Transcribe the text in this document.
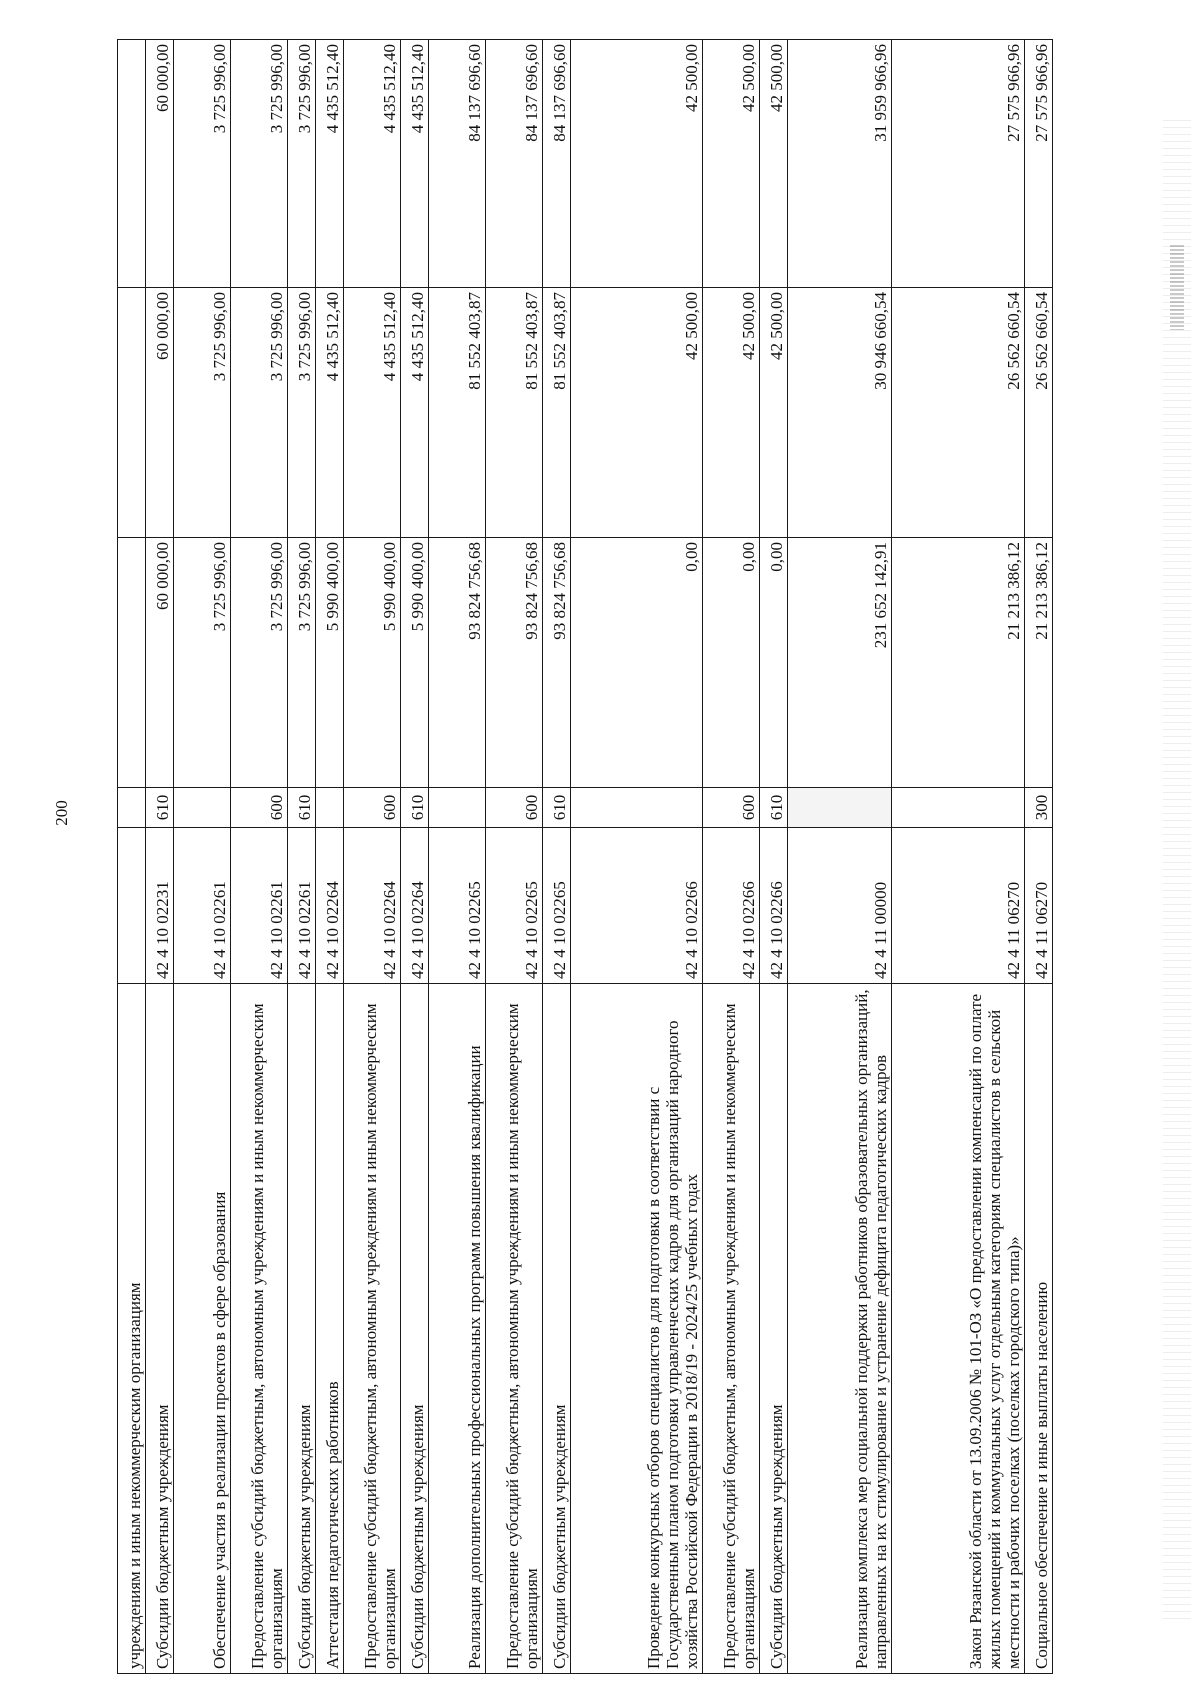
200
учреждениям и иным некоммерческим организациям					
Субсидии бюджетным учреждениям	42 4 10 02231	610	60 000,00	60 000,00	60 000,00
Обеспечение участия в реализации проектов в сфере образования	42 4 10 02261		3 725 996,00	3 725 996,00	3 725 996,00
Предоставление субсидий бюджетным, автономным учреждениям и иным некоммерческим организациям	42 4 10 02261	600	3 725 996,00	3 725 996,00	3 725 996,00
Субсидии бюджетным учреждениям	42 4 10 02261	610	3 725 996,00	3 725 996,00	3 725 996,00
Аттестация педагогических работников	42 4 10 02264		5 990 400,00	4 435 512,40	4 435 512,40
Предоставление субсидий бюджетным, автономным учреждениям и иным некоммерческим организациям	42 4 10 02264	600	5 990 400,00	4 435 512,40	4 435 512,40
Субсидии бюджетным учреждениям	42 4 10 02264	610	5 990 400,00	4 435 512,40	4 435 512,40
Реализация дополнительных профессиональных программ повышения квалификации	42 4 10 02265		93 824 756,68	81 552 403,87	84 137 696,60
Предоставление субсидий бюджетным, автономным учреждениям и иным некоммерческим организациям	42 4 10 02265	600	93 824 756,68	81 552 403,87	84 137 696,60
Субсидии бюджетным учреждениям	42 4 10 02265	610	93 824 756,68	81 552 403,87	84 137 696,60
Проведение конкурсных отборов специалистов для подготовки в соответствии с Государственным планом подготовки управленческих кадров для организаций народного хозяйства Российской Федерации в 2018/19 - 2024/25 учебных годах	42 4 10 02266		0,00	42 500,00	42 500,00
Предоставление субсидий бюджетным, автономным учреждениям и иным некоммерческим организациям	42 4 10 02266	600	0,00	42 500,00	42 500,00
Субсидии бюджетным учреждениям	42 4 10 02266	610	0,00	42 500,00	42 500,00
Реализация комплекса мер социальной поддержки работников образовательных организаций, направленных на их стимулирование и устранение дефицита педагогических кадров	42 4 11 00000		231 652 142,91	30 946 660,54	31 959 966,96
Закон Рязанской области от 13.09.2006 № 101-ОЗ «О предоставлении компенсаций по оплате жилых помещений и коммунальных услуг отдельным категориям специалистов в сельской местности и рабочих поселках (поселках городского типа)»	42 4 11 06270		21 213 386,12	26 562 660,54	27 575 966,96
Социальное обеспечение и иные выплаты населению	42 4 11 06270	300	21 213 386,12	26 562 660,54	27 575 966,96
